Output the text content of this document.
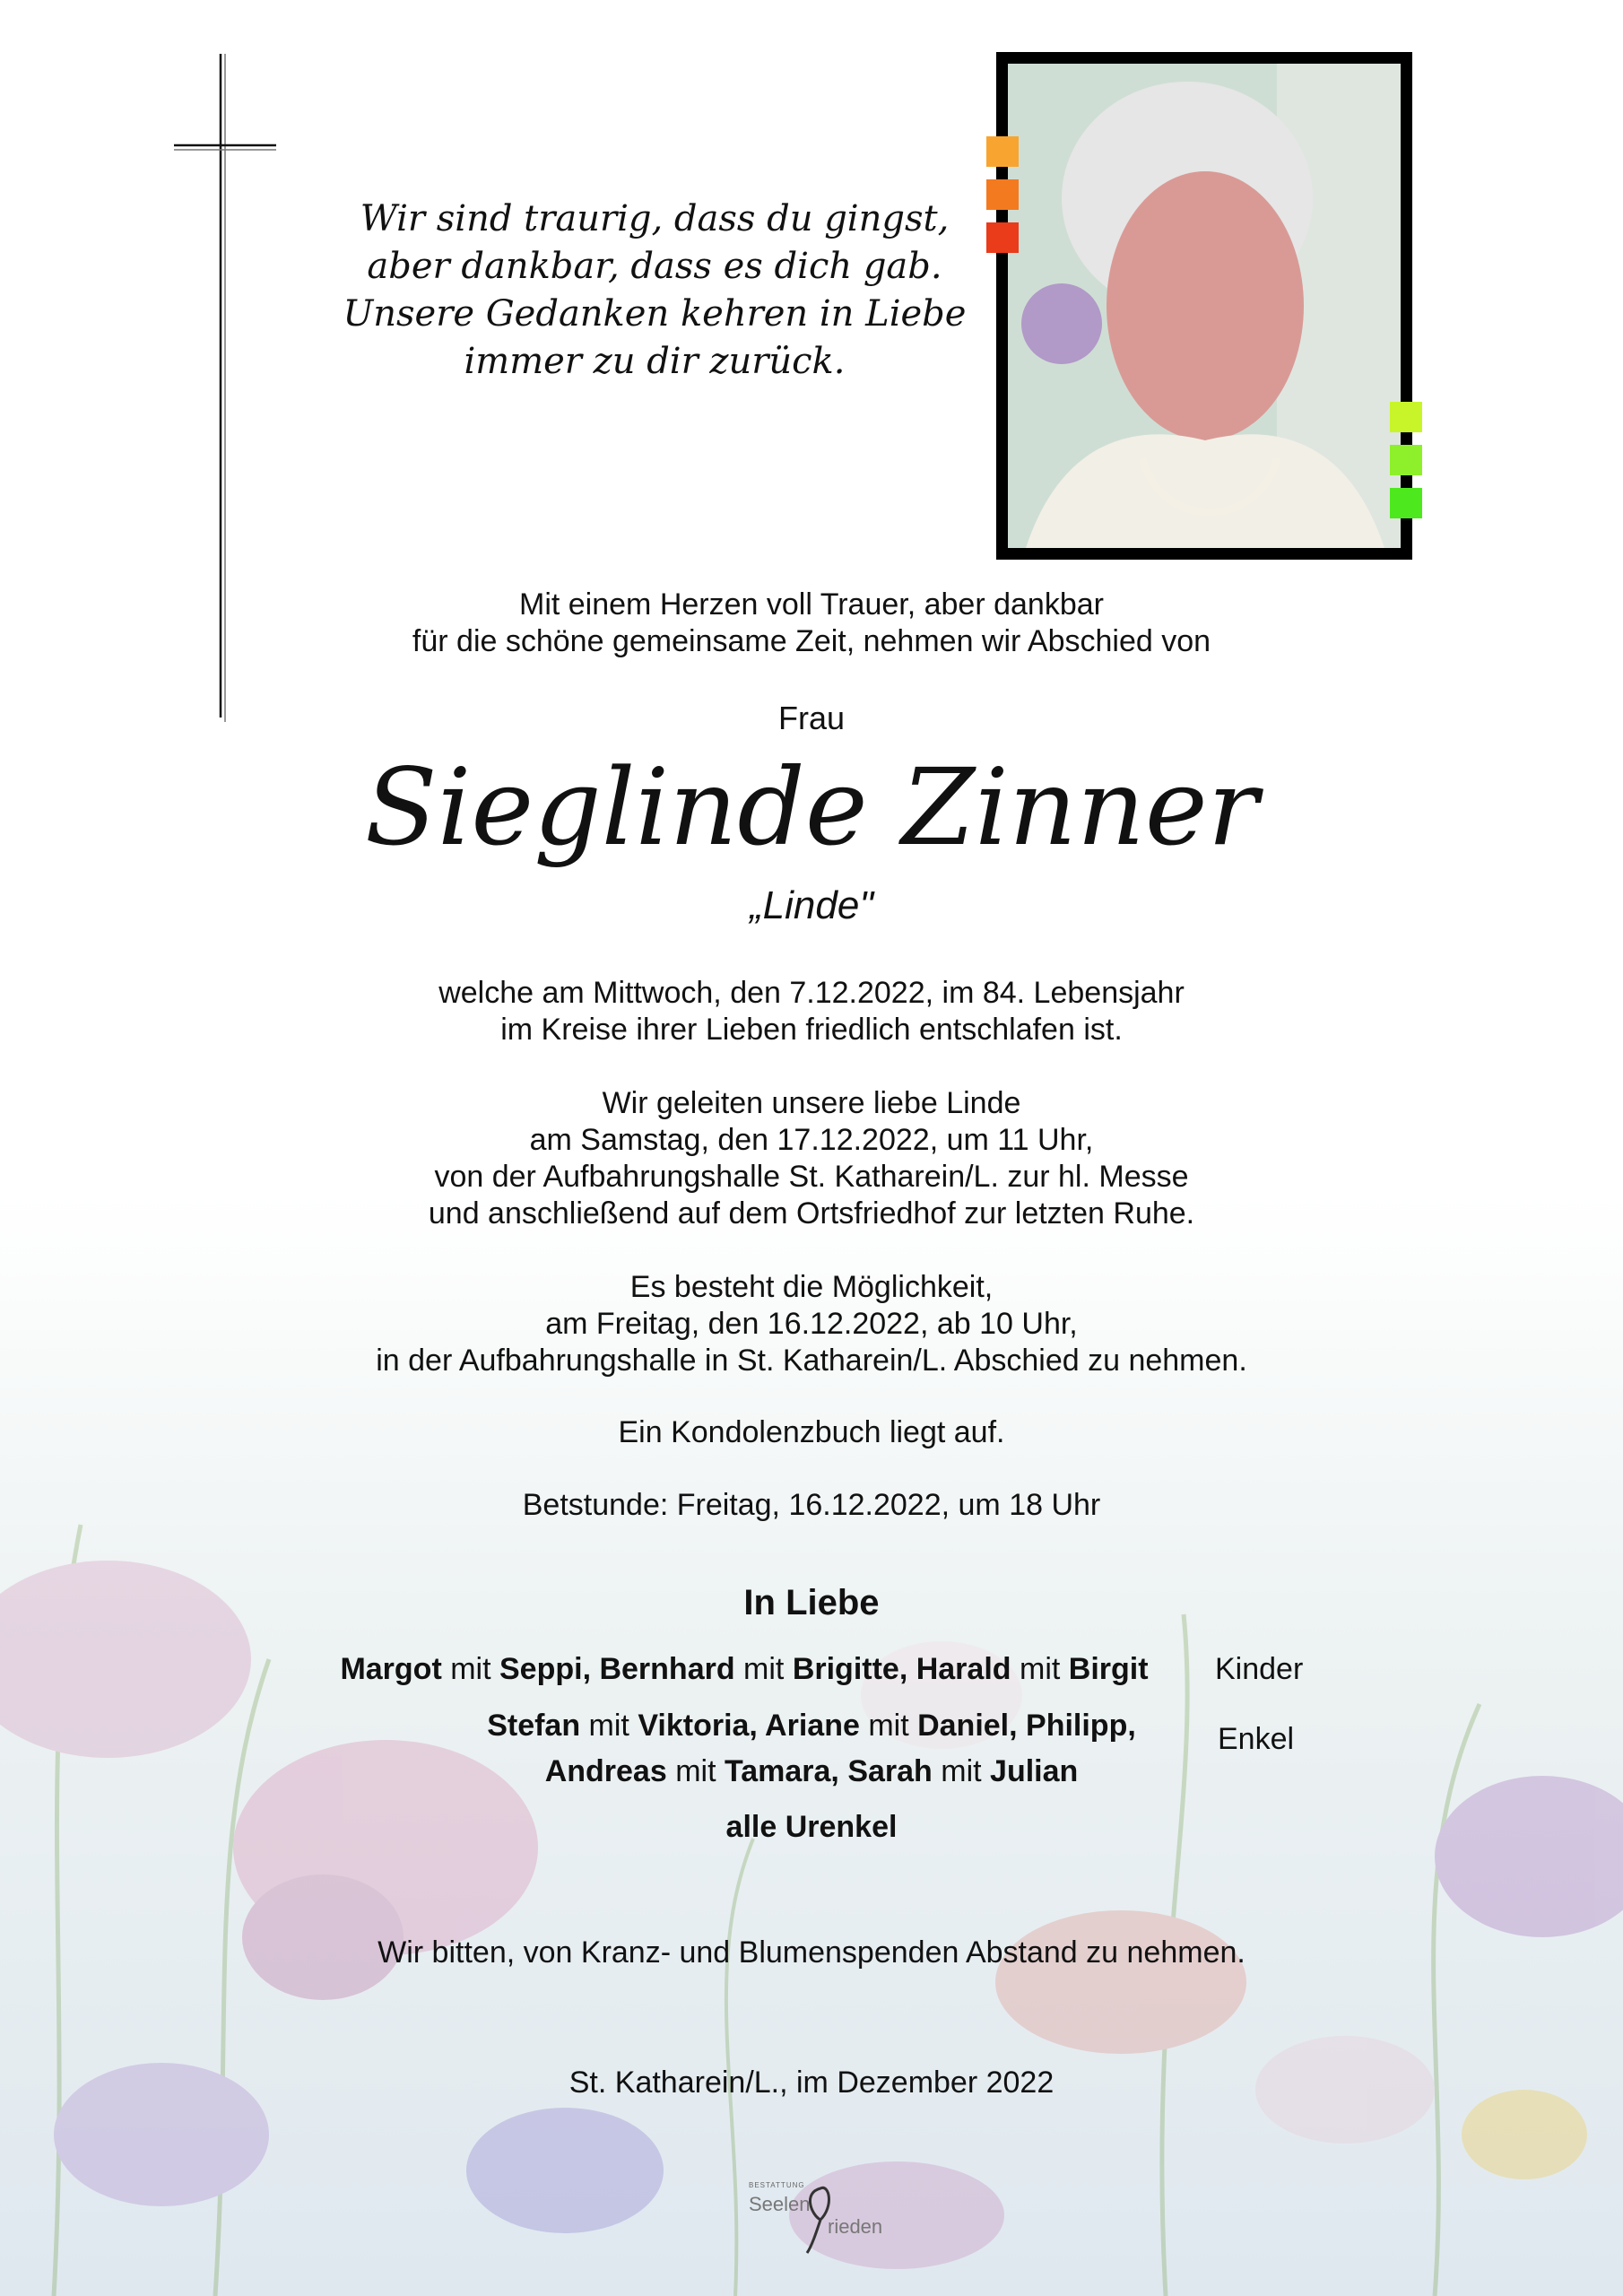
Wir sind traurig, dass du gingst,
aber dankbar, dass es dich gab.
Unsere Gedanken kehren in Liebe
immer zu dir zurück.
Mit einem Herzen voll Trauer, aber dankbar
für die schöne gemeinsame Zeit, nehmen wir Abschied von
Frau
Sieglinde Zinner
„Linde"
welche am Mittwoch, den 7.12.2022, im 84. Lebensjahr
im Kreise ihrer Lieben friedlich entschlafen ist.
Wir geleiten unsere liebe Linde
am Samstag, den 17.12.2022, um 11 Uhr,
von der Aufbahrungshalle St. Katharein/L. zur hl. Messe
und anschließend auf dem Ortsfriedhof zur letzten Ruhe.
Es besteht die Möglichkeit,
am Freitag, den 16.12.2022, ab 10 Uhr,
in der Aufbahrungshalle in St. Katharein/L. Abschied zu nehmen.
Ein Kondolenzbuch liegt auf.
Betstunde: Freitag, 16.12.2022, um 18 Uhr
In Liebe
Margot mit Seppi, Bernhard mit Brigitte, Harald mit Birgit	Kinder
Stefan mit Viktoria, Ariane mit Daniel, Philipp,	Enkel
Andreas mit Tamara, Sarah mit Julian
alle Urenkel
Wir bitten, von Kranz- und Blumenspenden Abstand zu nehmen.
St. Katharein/L., im Dezember 2022
BESTATTUNG
Seelen
rieden
